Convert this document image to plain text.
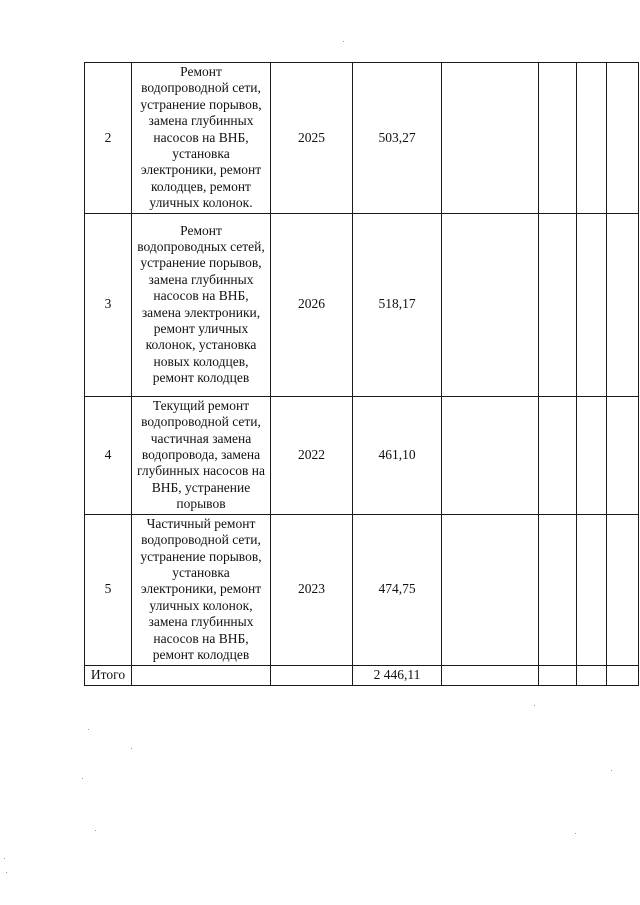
2	Ремонт водопроводной сети, устранение порывов, замена глубинных насосов на ВНБ, установка электроники, ремонт колодцев, ремонт уличных колонок.	2025	503,27				
3	Ремонт водопроводных сетей, устранение порывов, замена глубинных насосов на ВНБ, замена электроники, ремонт уличных колонок, установка новых колодцев, ремонт колодцев	2026	518,17				
4	Текущий ремонт водопроводной сети, частичная замена водопровода, замена глубинных насосов на ВНБ, устранение порывов	2022	461,10				
5	Частичный ремонт водопроводной сети, устранение порывов, установка электроники, ремонт уличных колонок, замена глубинных насосов на ВНБ, ремонт колодцев	2023	474,75				
Итого			2 446,11				
